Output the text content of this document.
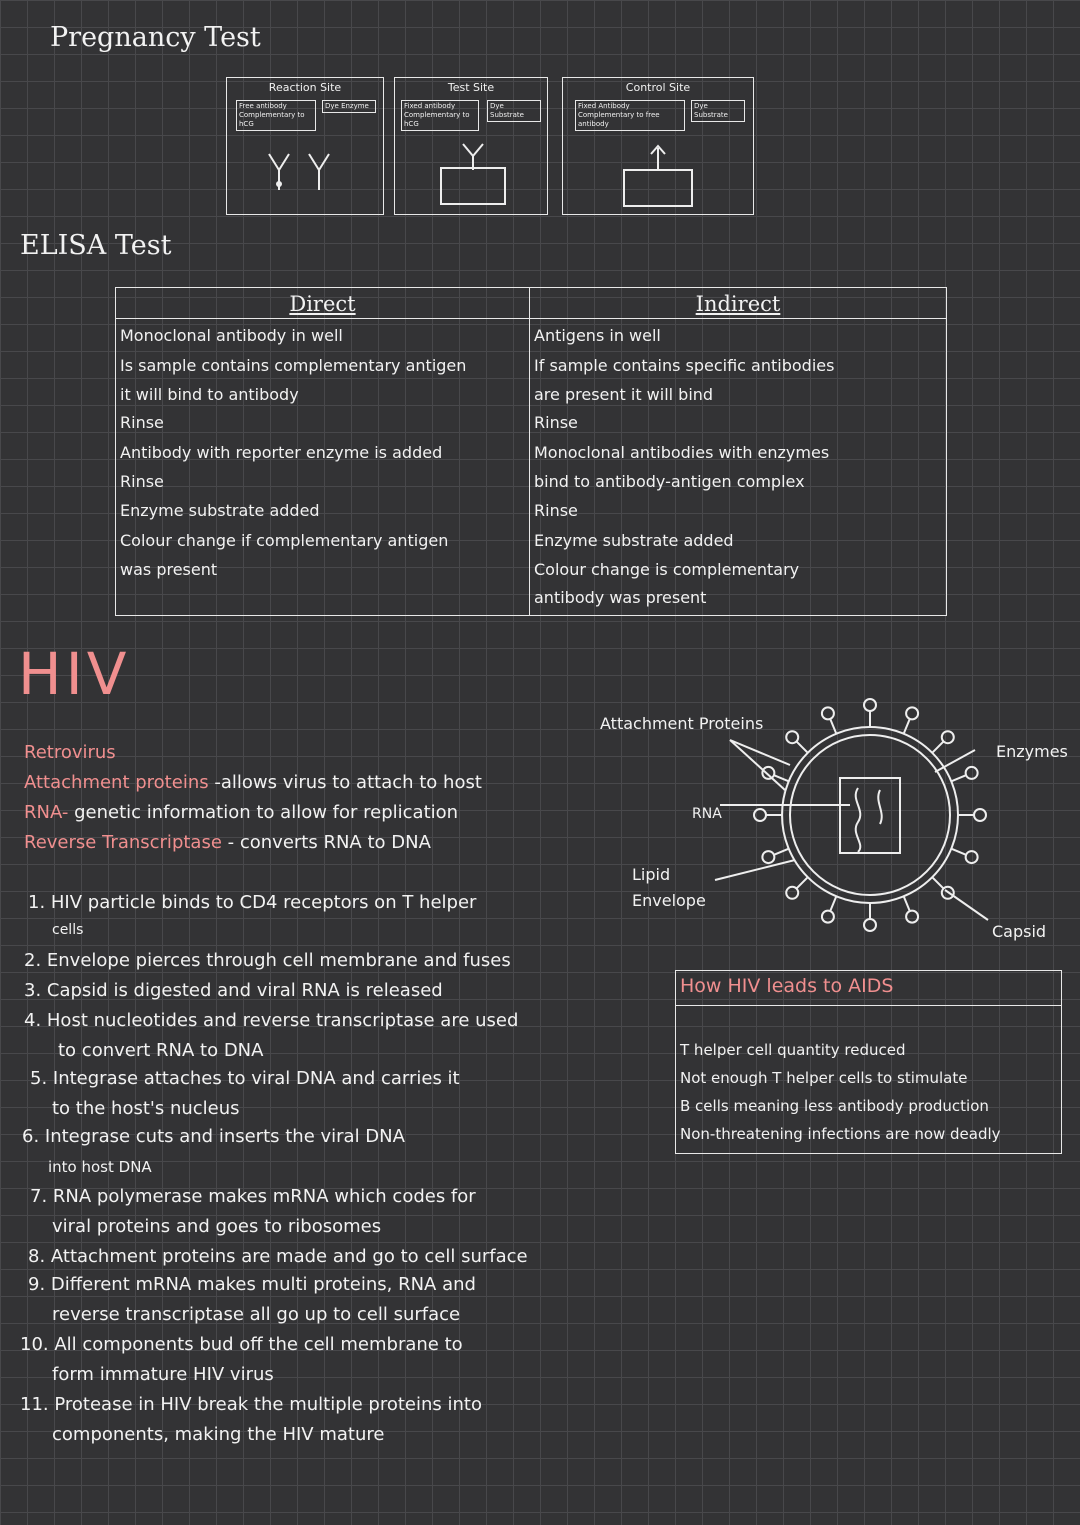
Pregnancy Test
Reaction Site
Free antibody Complementary to hCG
Dye Enzyme
Test Site
Fixed antibody Complementary to hCG
Dye Substrate
Control Site
Fixed Antibody Complementary to free antibody
Dye Substrate
ELISA Test
Direct
Monoclonal antibody in well
Is sample contains complementary antigen
it will bind to antibody
Rinse
Antibody with reporter enzyme is added
Rinse
Enzyme substrate added
Colour change if complementary antigen
was present
Indirect
Antigens in well
If sample contains specific antibodies
are present it will bind
Rinse
Monoclonal antibodies with enzymes
bind to antibody-antigen complex
Rinse
Enzyme substrate added
Colour change is complementary
antibody was present
HIV
Retrovirus
Attachment proteins -allows virus to attach to host
RNA- genetic information to allow for replication
Reverse Transcriptase - converts RNA to DNA
Attachment Proteins
RNA
Lipid Envelope
Enzymes
Capsid
1. HIV particle binds to CD4 receptors on T helper
cells
2. Envelope pierces through cell membrane and fuses
3. Capsid is digested and viral RNA is released
4. Host nucleotides and reverse transcriptase are used
to convert RNA to DNA
5. Integrase attaches to viral DNA and carries it
to the host's nucleus
6. Integrase cuts and inserts the viral DNA
into host DNA
7. RNA polymerase makes mRNA which codes for
viral proteins and goes to ribosomes
8. Attachment proteins are made and go to cell surface
9. Different mRNA makes multi proteins, RNA and
reverse transcriptase all go up to cell surface
10. All components bud off the cell membrane to
form immature HIV virus
11. Protease in HIV break the multiple proteins into
components, making the HIV mature
How HIV leads to AIDS
T helper cell quantity reduced
Not enough T helper cells to stimulate
B cells meaning less antibody production
Non-threatening infections are now deadly
